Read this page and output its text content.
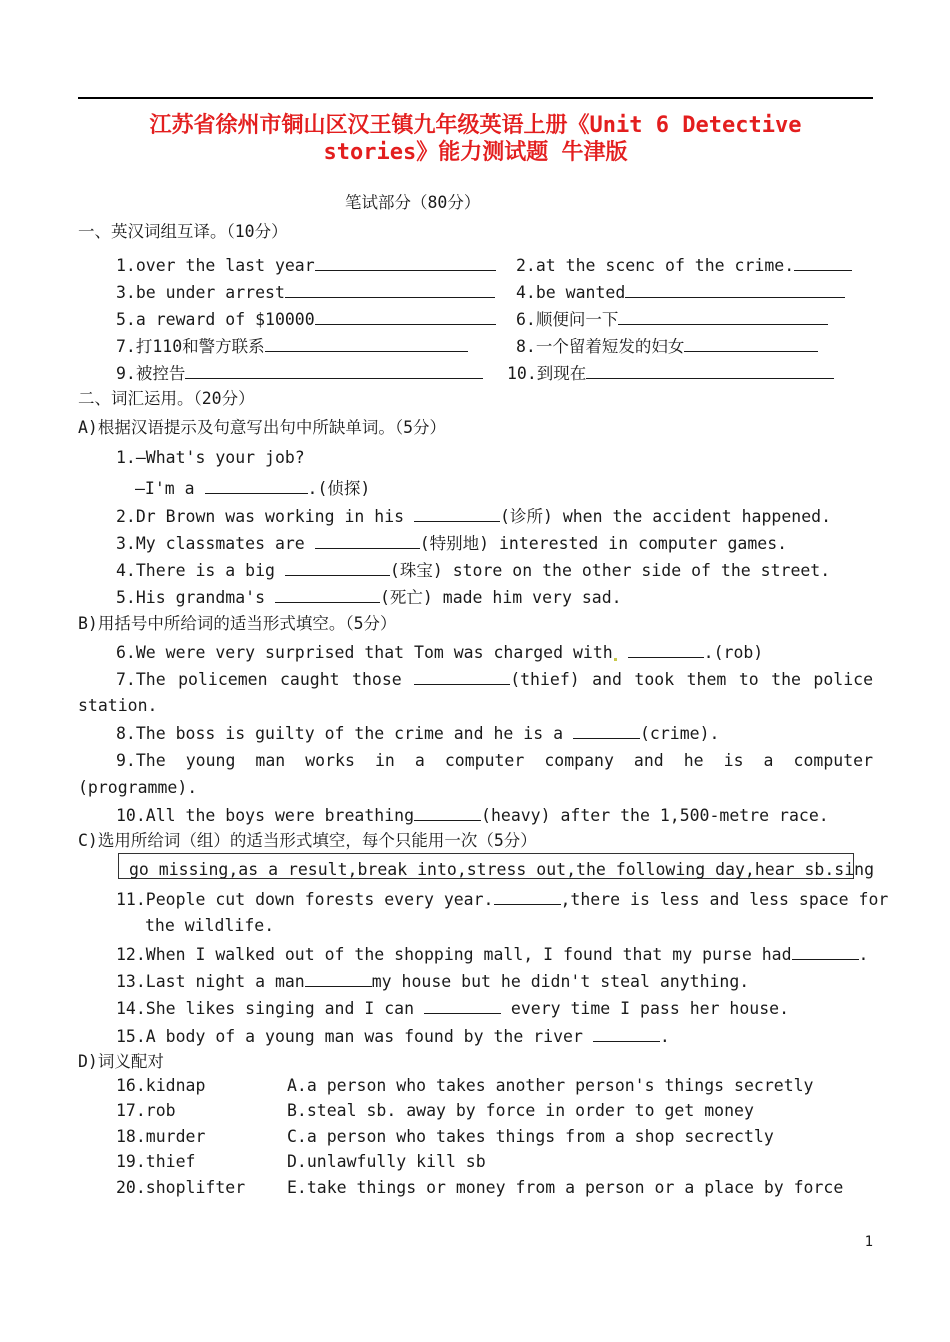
江苏省徐州市铜山区汉王镇九年级英语上册《Unit 6 Detective
stories》能力测试题 牛津版
笔试部分（80分）
一、英汉词组互译。（10分）
1.over the last year	2.at the scenc of the crime.
3.be under arrest	4.be wanted
5.a reward of $10000	6.顺便问一下
7.打110和警方联系	8.一个留着短发的妇女
9.被控告	10.到现在
二、词汇运用。（20分）
A)根据汉语提示及句意写出句中所缺单词。（5分）
1.—What's your job?
—I'm a	.(侦探)
2.Dr Brown was working in his	(诊所) when the accident happened.
3.My classmates are	(特别地) interested in computer games.
4.There is a big	(珠宝) store on the other side of the street.
5.His grandma's	(死亡) made him very sad.
B)用括号中所给词的适当形式填空。（5分）
6.We were very surprised that Tom was charged with	.(rob)
7.The policemen caught those	(thief) and took them to the police
station.
8.The boss is guilty of the crime and he is a	(crime).
9.The young man works in a computer company and he is a computer
(programme).
10.All the boys were breathing	(heavy) after the 1,500-metre race.
C)选用所给词（组）的适当形式填空，每个只能用一次（5分）
go missing,as a result,break into,stress out,the following day,hear sb.sing
11.People cut down forests every year.	,there is less and less space for
the wildlife.
12.When I walked out of the shopping mall, I found that my purse had	.
13.Last night a man	my house but he didn't steal anything.
14.She likes singing and I can	every time I pass her house.
15.A body of a young man was found by the river	.
D)词义配对
16.kidnap	A.a person who takes another person's things secretly
17.rob	B.steal sb. away by force in order to get money
18.murder	C.a person who takes things from a shop secrectly
19.thief	D.unlawfully kill sb
20.shoplifter	E.take things or money from a person or a place by force
1
